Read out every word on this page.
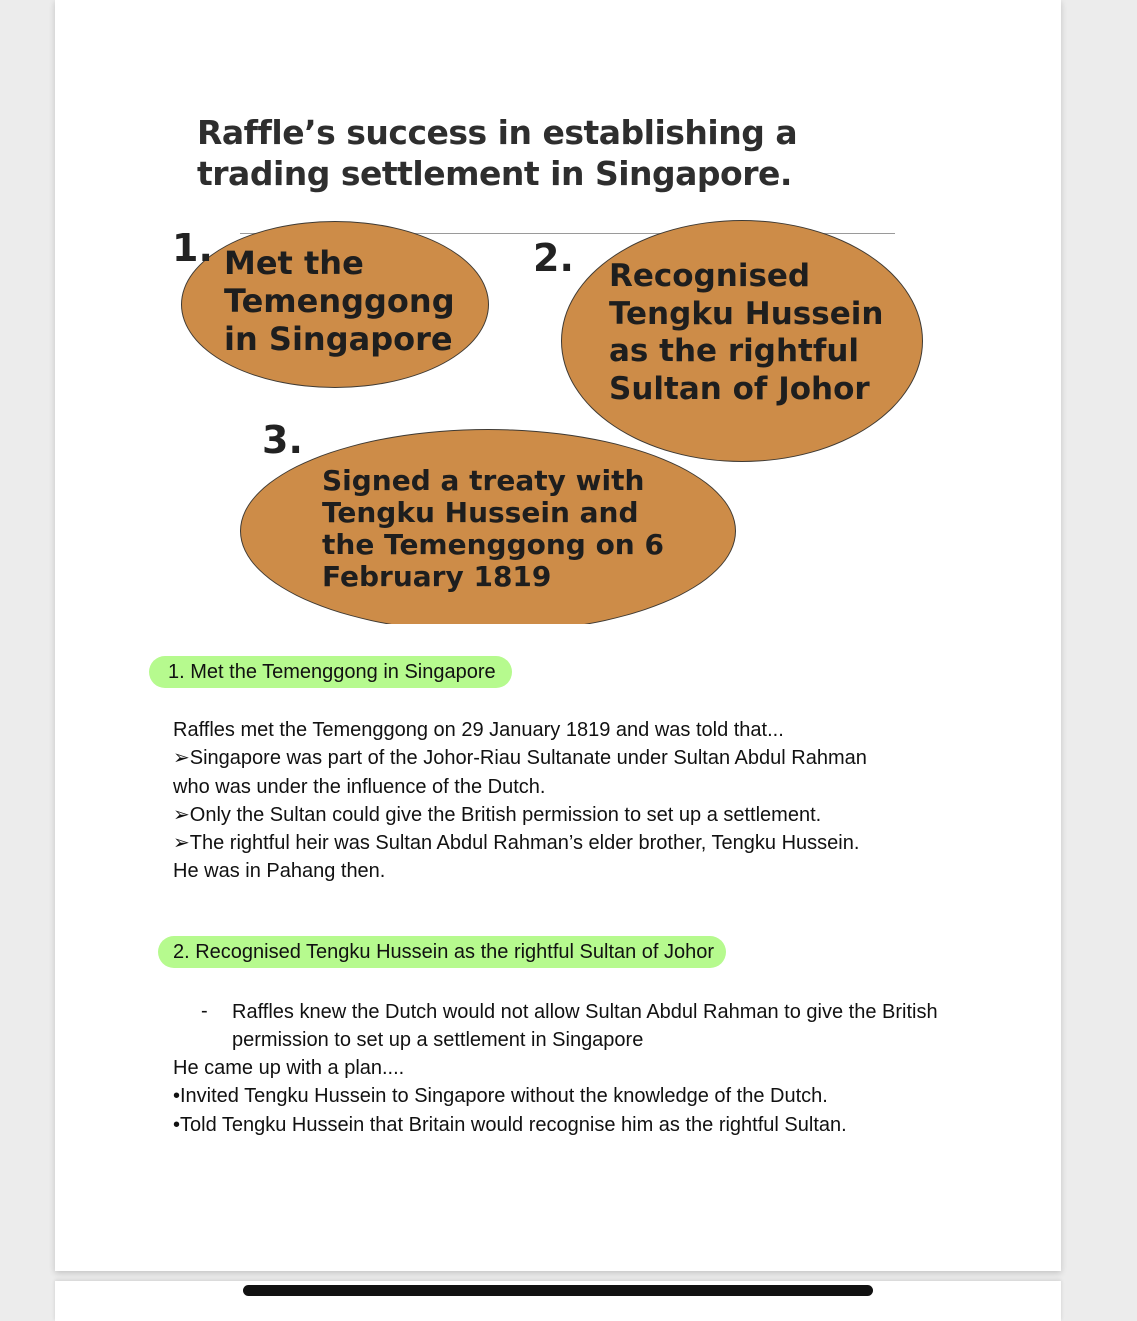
Raffle’s success in establishing a trading settlement in Singapore.

1. Met the
Temenggong
in Singapore

2. Recognised
Tengku Hussein
as the rightful
Sultan of Johor

3.

Signed a treaty with
Tengku Hussein and
the Temenggong on 6
February 1819

1. Met the Temenggong in Singapore

Raffles met the Temenggong on 29 January 1819 and was told that...
➢Singapore was part of the Johor-Riau Sultanate under Sultan Abdul Rahman
who was under the influence of the Dutch.
➢Only the Sultan could give the British permission to set up a settlement.
➢The rightful heir was Sultan Abdul Rahman’s elder brother, Tengku Hussein.
He was in Pahang then.

2. Recognised Tengku Hussein as the rightful Sultan of Johor
- Raffles knew the Dutch would not allow Sultan Abdul Rahman to give the British permission to set up a settlement in Singapore

He came up with a plan....
•Invited Tengku Hussein to Singapore without the knowledge of the Dutch.
•Told Tengku Hussein that Britain would recognise him as the rightful Sultan.
